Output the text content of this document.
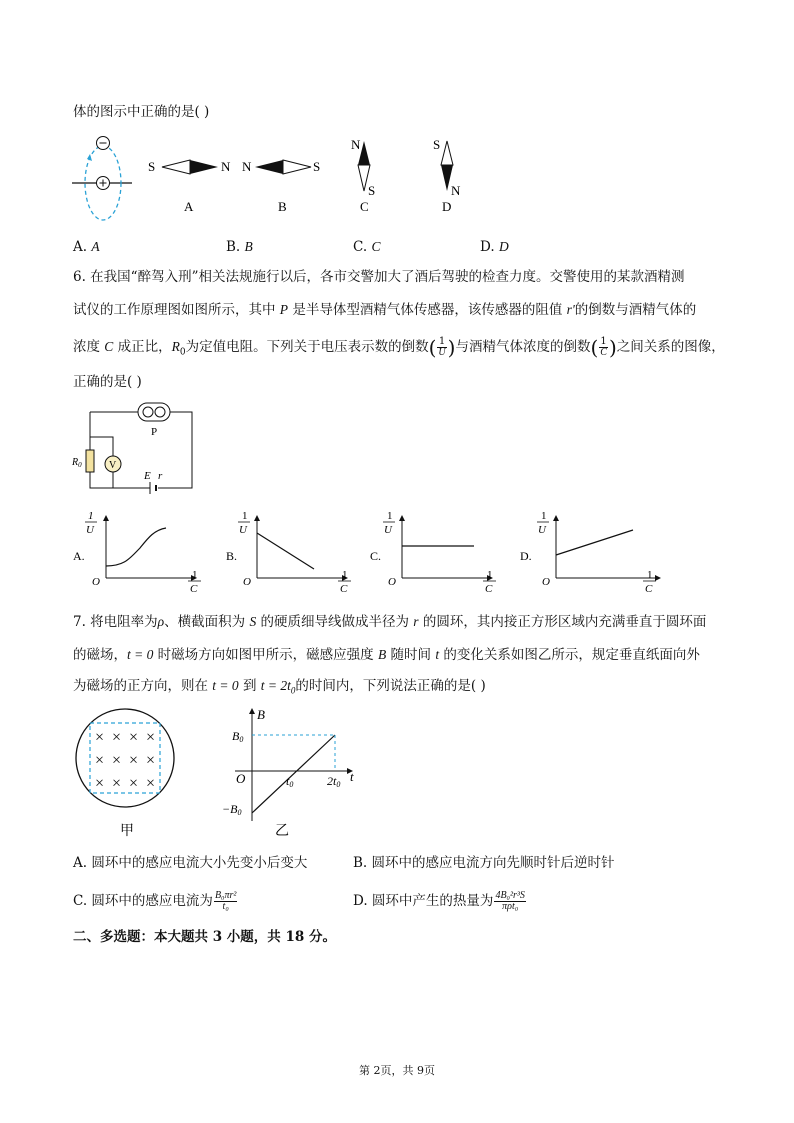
体的图示中正确的是( )
S	N
A
N	S
B
N
S
C
S
N
D
A. A	B. B	C. C	D. D
6. 在我国“醉驾入刑”相关法规施行以后，各市交警加大了酒后驾驶的检查力度。交警使用的某款酒精测
试仪的工作原理图如图所示，其中 P 是半导体型酒精气体传感器，该传感器的阻值 r'的倒数与酒精气体的
浓度 C 成正比，$R_0$为定值电阻。下列关于电压表示数的倒数( $\frac{1}{U}$ )与酒精气体浓度的倒数( $\frac{1}{C}$ )之间关系的图像，
正确的是( )
P
$R_0$	V
E r
A.
1
U
O
1
C
B.
1
U
O
1
C
C.
1
U
O
1
C
D.
1
U
O
1
C
7. 将电阻率为ρ、横截面积为 S 的硬质细导线做成半径为 r 的圆环，其内接正方形区域内充满垂直于圆环面
的磁场，t = 0 时磁场方向如图甲所示，磁感应强度 B 随时间 t 的变化关系如图乙所示，规定垂直纸面向外
为磁场的正方向，则在 t = 0 到 $t = 2t_0$的时间内，下列说法正确的是( )
× × × ×
× × × ×
× × × ×
甲
B
B0
O	t0	2t0
t
−B0
乙
A. 圆环中的感应电流大小先变小后变大	B. 圆环中的感应电流方向先顺时针后逆时针
C. 圆环中的感应电流为 $\frac{\text{B₀πr²}}{\text{t₀}}$	D. 圆环中产生的热量为 $\frac{\text{4B₀²r³S}}{\text{πρt₀}}$
二、多选题：本大题共 3 小题，共 18 分。
第 2页，共 9页
